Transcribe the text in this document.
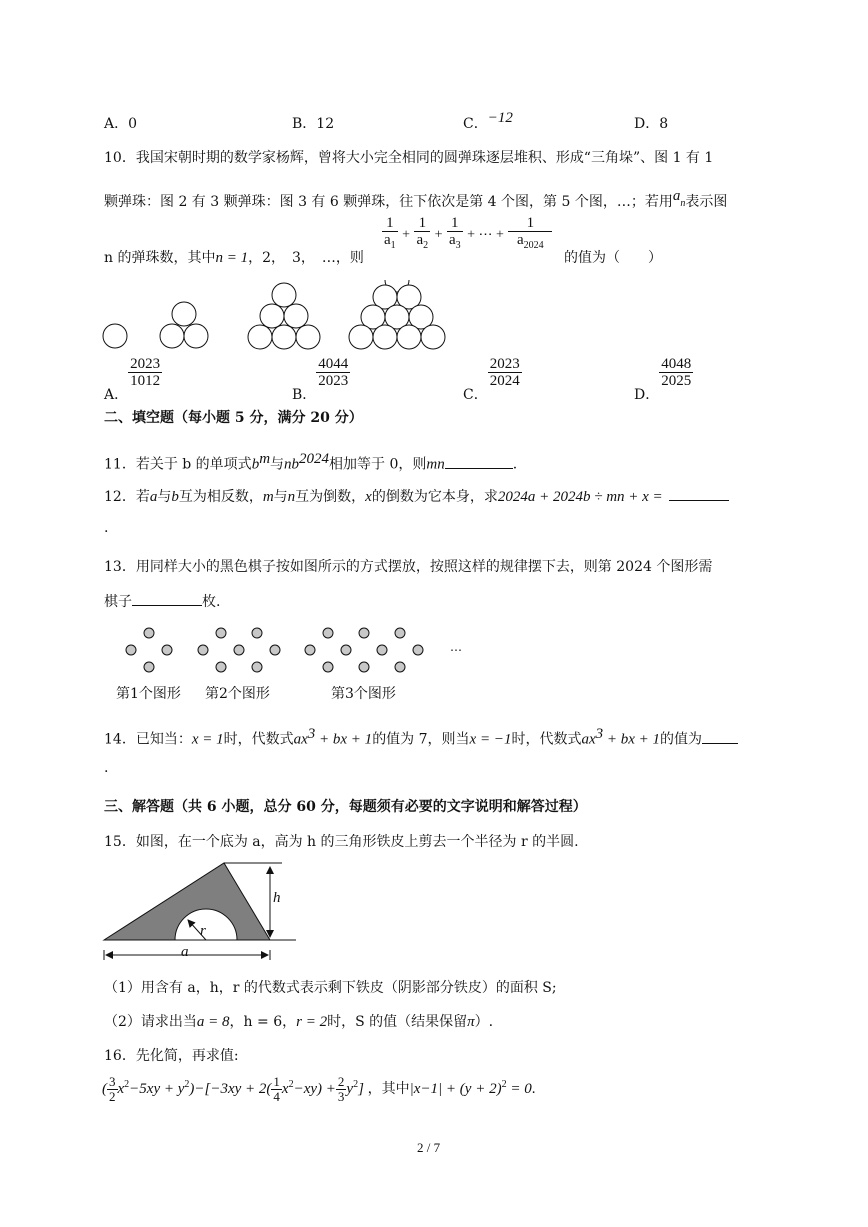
A．0	B．12	C．−12	D．8
10．我国宋朝时期的数学家杨辉，曾将大小完全相同的圆弹珠逐层堆积、形成“三角垛”、图 1 有 1
颗弹珠：图 2 有 3 颗弹珠：图 3 有 6 颗弹珠，往下依次是第 4 个图，第 5 个图，…；若用an表示图
n 的弹珠数，其中n = 1，2，　3，　…，则
$\frac{1}{a_1} + \frac{1}{a_2} + \frac{1}{a_3}$ + ⋯ + $\frac{1}{a_{2024}}$
的值为（　　）
A．
$\frac{2023}{1012}$
B．
$\frac{4044}{2023}$
C．
$\frac{2023}{2024}$
D．
$\frac{4048}{2025}$
二、填空题（每小题 5 分，满分 20 分）
11．若关于 b 的单项式$b^m$与$nb^{2024}$相加等于 0，则mn	.
12．若a与b互为相反数，m与n互为倒数，x的倒数为它本身，求2024a + 2024b ÷ mn + x =
.
13．用同样大小的黑色棋子按如图所示的方式摆放，按照这样的规律摆下去，则第 2024 个图形需
棋子	枚.
…
第1个图形 第2个图形	第3个图形
14．已知当：x = 1时，代数式$ax^3$ + bx + 1的值为 7，则当x = −1时，代数式$ax^3$ + bx + 1的值为
.
三、解答题（共 6 小题，总分 60 分，每题须有必要的文字说明和解答过程）
15．如图，在一个底为 a，高为 h 的三角形铁皮上剪去一个半径为 r 的半圆.
h
r
a
（1）用含有 a，h，r 的代数式表示剩下铁皮（阴影部分铁皮）的面积 S;
（2）请求出当a = 8，h = 6，r = 2时，S 的值（结果保留π）.
16．先化简，再求值:
( $\frac{3}{2} x^2-5xy + y^2)-[-3xy + 2( \frac{1}{4} x^2-xy) + \frac{2}{3} y^2]$ ，其中$|x-1| + (y + 2)^2 = 0$.
2 / 7
